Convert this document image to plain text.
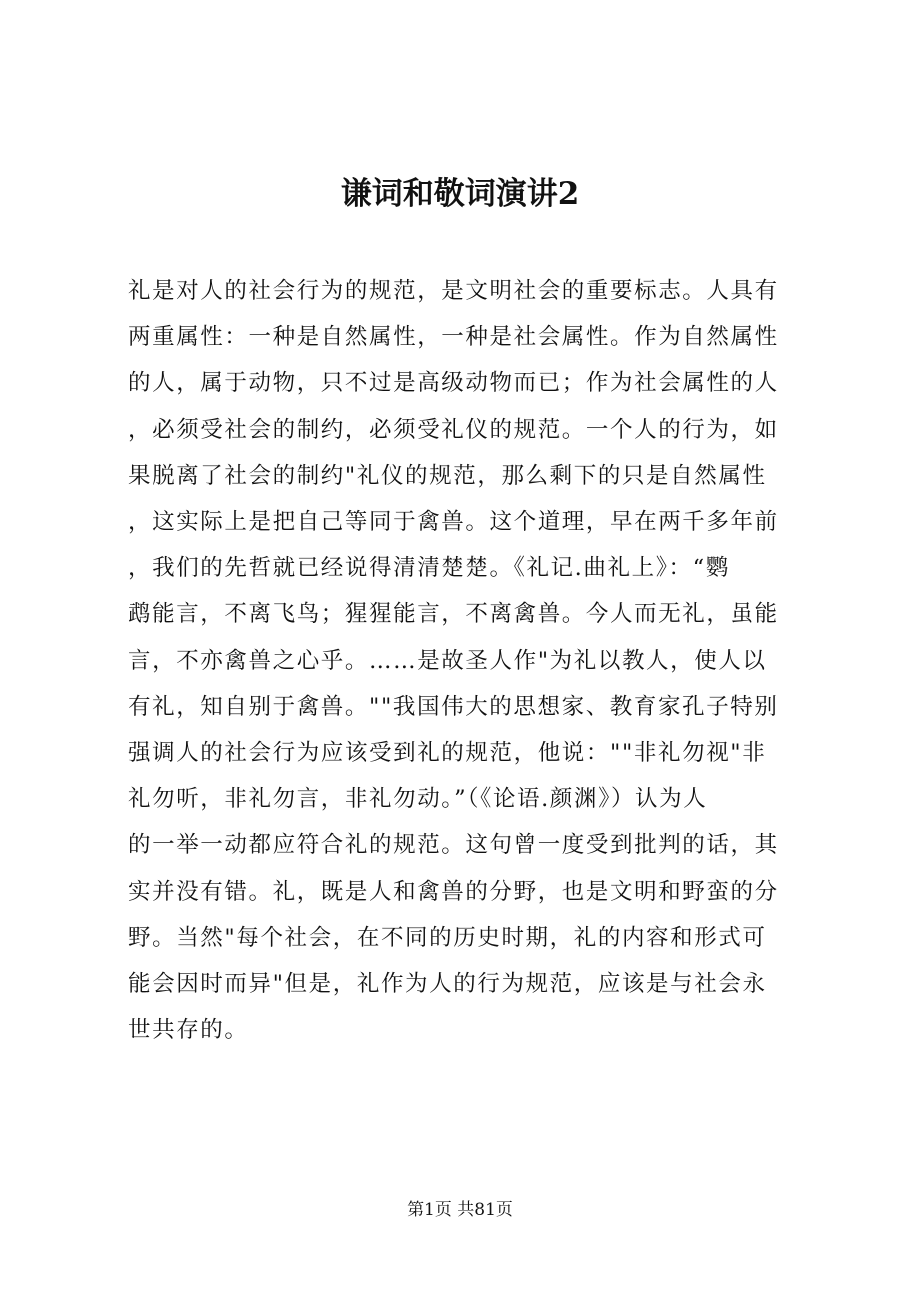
谦词和敬词演讲2
礼是对人的社会行为的规范，是文明社会的重要标志。人具有
两重属性：一种是自然属性，一种是社会属性。作为自然属性
的人，属于动物，只不过是高级动物而已；作为社会属性的人
，必须受社会的制约，必须受礼仪的规范。一个人的行为，如
果脱离了社会的制约"礼仪的规范，那么剩下的只是自然属性
，这实际上是把自己等同于禽兽。这个道理，早在两千多年前
，我们的先哲就已经说得清清楚楚。《礼记.曲礼上》：“鹦
鹉能言，不离飞鸟；猩猩能言，不离禽兽。今人而无礼，虽能
言，不亦禽兽之心乎。……是故圣人作"为礼以教人，使人以
有礼，知自别于禽兽。""我国伟大的思想家、教育家孔子特别
强调人的社会行为应该受到礼的规范，他说：""非礼勿视"非
礼勿听，非礼勿言，非礼勿动。”（《论语.颜渊》）认为人
的一举一动都应符合礼的规范。这句曾一度受到批判的话，其
实并没有错。礼，既是人和禽兽的分野，也是文明和野蛮的分
野。当然"每个社会，在不同的历史时期，礼的内容和形式可
能会因时而异"但是，礼作为人的行为规范，应该是与社会永
世共存的。
第1页 共81页
